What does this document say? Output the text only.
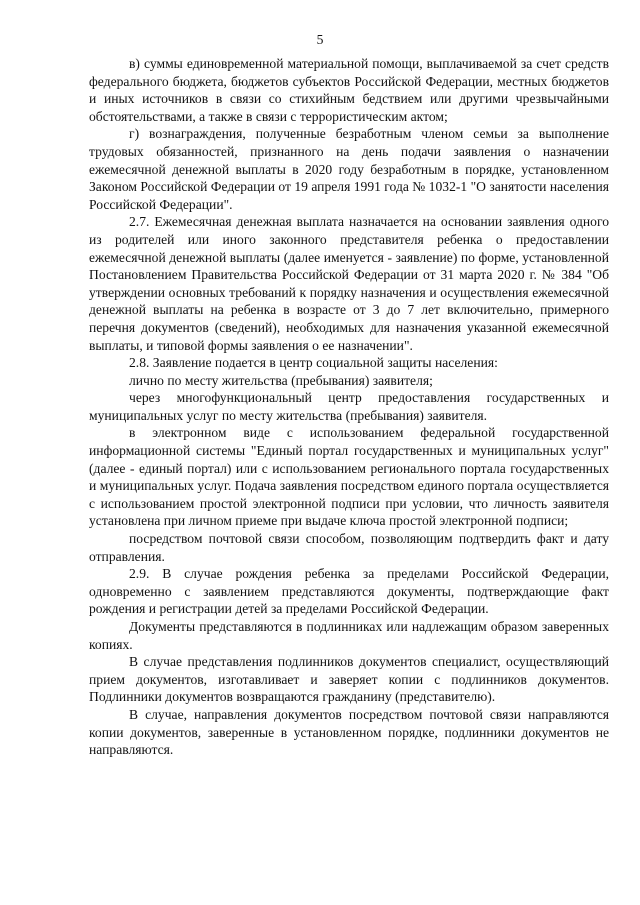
5

в) суммы единовременной материальной помощи, выплачиваемой за счет средств федерального бюджета, бюджетов субъектов Российской Федерации, местных бюджетов и иных источников в связи со стихийным бедствием или другими чрезвычайными обстоятельствами, а также в связи с террористическим актом;

г) вознаграждения, полученные безработным членом семьи за выполнение трудовых обязанностей, признанного на день подачи заявления о назначении ежемесячной денежной выплаты в 2020 году безработным в порядке, установленном Законом Российской Федерации от 19 апреля 1991 года № 1032-1 "О занятости населения Российской Федерации".

2.7. Ежемесячная денежная выплата назначается на основании заявления одного из родителей или иного законного представителя ребенка о предоставлении ежемесячной денежной выплаты (далее именуется - заявление) по форме, установленной Постановлением Правительства Российской Федерации от 31 марта 2020 г. № 384 "Об утверждении основных требований к порядку назначения и осуществления ежемесячной денежной выплаты на ребенка в возрасте от 3 до 7 лет включительно, примерного перечня документов (сведений), необходимых для назначения указанной ежемесячной выплаты, и типовой формы заявления о ее назначении".

2.8. Заявление подается в центр социальной защиты населения:

лично по месту жительства (пребывания) заявителя;

через многофункциональный центр предоставления государственных и муниципальных услуг по месту жительства (пребывания) заявителя.

в электронном виде с использованием федеральной государственной информационной системы "Единый портал государственных и муниципальных услуг" (далее - единый портал) или с использованием регионального портала государственных и муниципальных услуг. Подача заявления посредством единого портала осуществляется с использованием простой электронной подписи при условии, что личность заявителя установлена при личном приеме при выдаче ключа простой электронной подписи;

посредством почтовой связи способом, позволяющим подтвердить факт и дату отправления.

2.9. В случае рождения ребенка за пределами Российской Федерации, одновременно с заявлением представляются документы, подтверждающие факт рождения и регистрации детей за пределами Российской Федерации.

Документы представляются в подлинниках или надлежащим образом заверенных копиях.

В случае представления подлинников документов специалист, осуществляющий прием документов, изготавливает и заверяет копии с подлинников документов. Подлинники документов возвращаются гражданину (представителю).

В случае, направления документов посредством почтовой связи направляются копии документов, заверенные в установленном порядке, подлинники документов не направляются.
